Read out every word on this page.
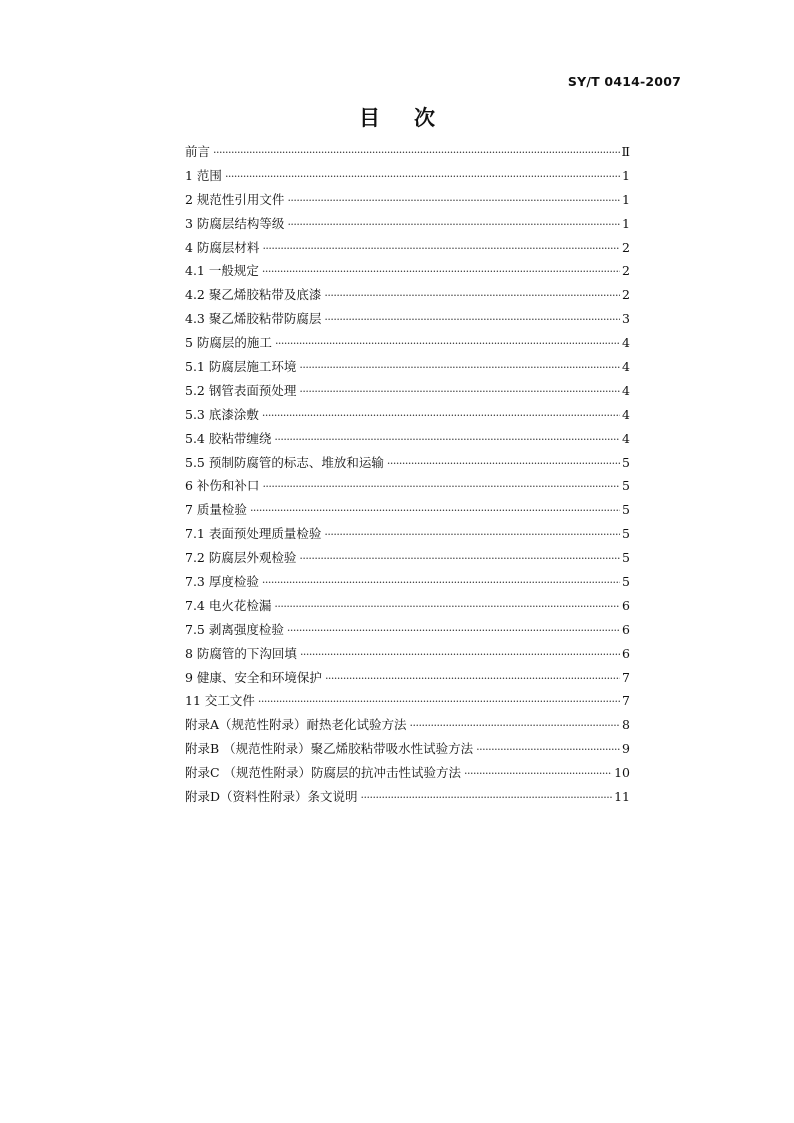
SY/T 0414-2007
目次
前言 ·····	Ⅱ
1 范围 ·····	1
2 规范性引用文件 ·····	1
3 防腐层结构等级 ·····	1
4 防腐层材料 ·····	2
4.1 一般规定 ·····	2
4.2 聚乙烯胶粘带及底漆 ·····	2
4.3 聚乙烯胶粘带防腐层 ·····	3
5 防腐层的施工 ·····	4
5.1 防腐层施工环境 ·····	4
5.2 钢管表面预处理 ·····	4
5.3 底漆涂敷 ·····	4
5.4 胶粘带缠绕 ·····	4
5.5 预制防腐管的标志、堆放和运输 ·····	5
6 补伤和补口 ·····	5
7 质量检验 ·····	5
7.1 表面预处理质量检验 ·····	5
7.2 防腐层外观检验 ·····	5
7.3 厚度检验 ·····	5
7.4 电火花检漏 ·····	6
7.5 剥离强度检验 ·····	6
8 防腐管的下沟回填 ·····	6
9 健康、安全和环境保护 ·····	7
11 交工文件 ·····	7
附录A（规范性附录）耐热老化试验方法 ·····	8
附录B （规范性附录）聚乙烯胶粘带吸水性试验方法 ·····	9
附录C （规范性附录）防腐层的抗冲击性试验方法 ·····	10
附录D（资料性附录）条文说明 ·····	11
